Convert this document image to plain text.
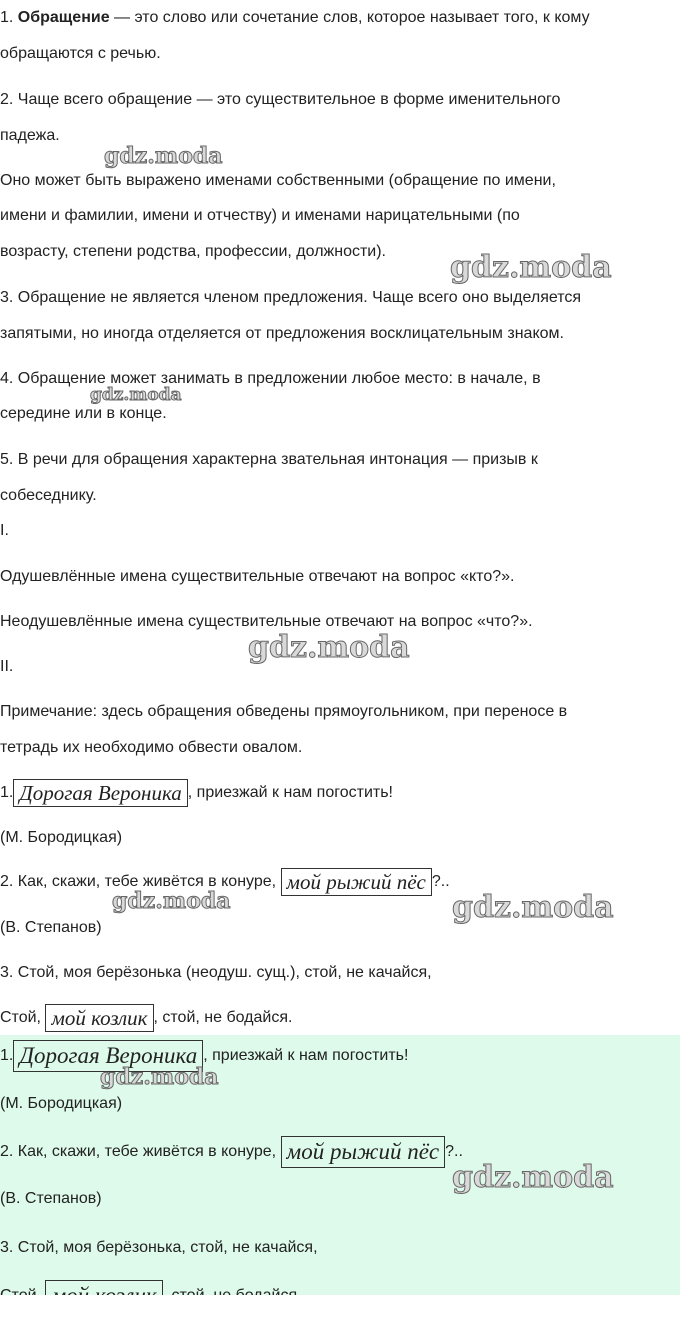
1. Обращение — это слово или сочетание слов, которое называет того, к кому
обращаются с речью.
2. Чаще всего обращение — это существительное в форме именительного
падежа.
Оно может быть выражено именами собственными (обращение по имени,
имени и фамилии, имени и отчеству) и именами нарицательными (по
возрасту, степени родства, профессии, должности).
3. Обращение не является членом предложения. Чаще всего оно выделяется
запятыми, но иногда отделяется от предложения восклицательным знаком.
4. Обращение может занимать в предложении любое место: в начале, в
середине или в конце.
5. В речи для обращения характерна звательная интонация — призыв к
собеседнику.
I.
Одушевлённые имена существительные отвечают на вопрос «кто?».
Неодушевлённые имена существительные отвечают на вопрос «что?».
II.
Примечание: здесь обращения обведены прямоугольником, при переносе в
тетрадь их необходимо обвести овалом.
1. Дорогая Вероника , приезжай к нам погостить!
(М. Бородицкая)
2. Как, скажи, тебе живётся в конуре, мой рыжий пёс ?..
(В. Степанов)
3. Стой, моя берёзонька (неодуш. сущ.), стой, не качайся,
Стой, мой козлик , стой, не бодайся.
1. Дорогая Вероника , приезжай к нам погостить!
(М. Бородицкая)
2. Как, скажи, тебе живётся в конуре, мой рыжий пёс ?..
(В. Степанов)
3. Стой, моя берёзонька, стой, не качайся,
gdz.moda
gdz.moda
gdz.moda
gdz.moda
gdz.moda	gdz.moda
gdz.moda
gdz.moda
